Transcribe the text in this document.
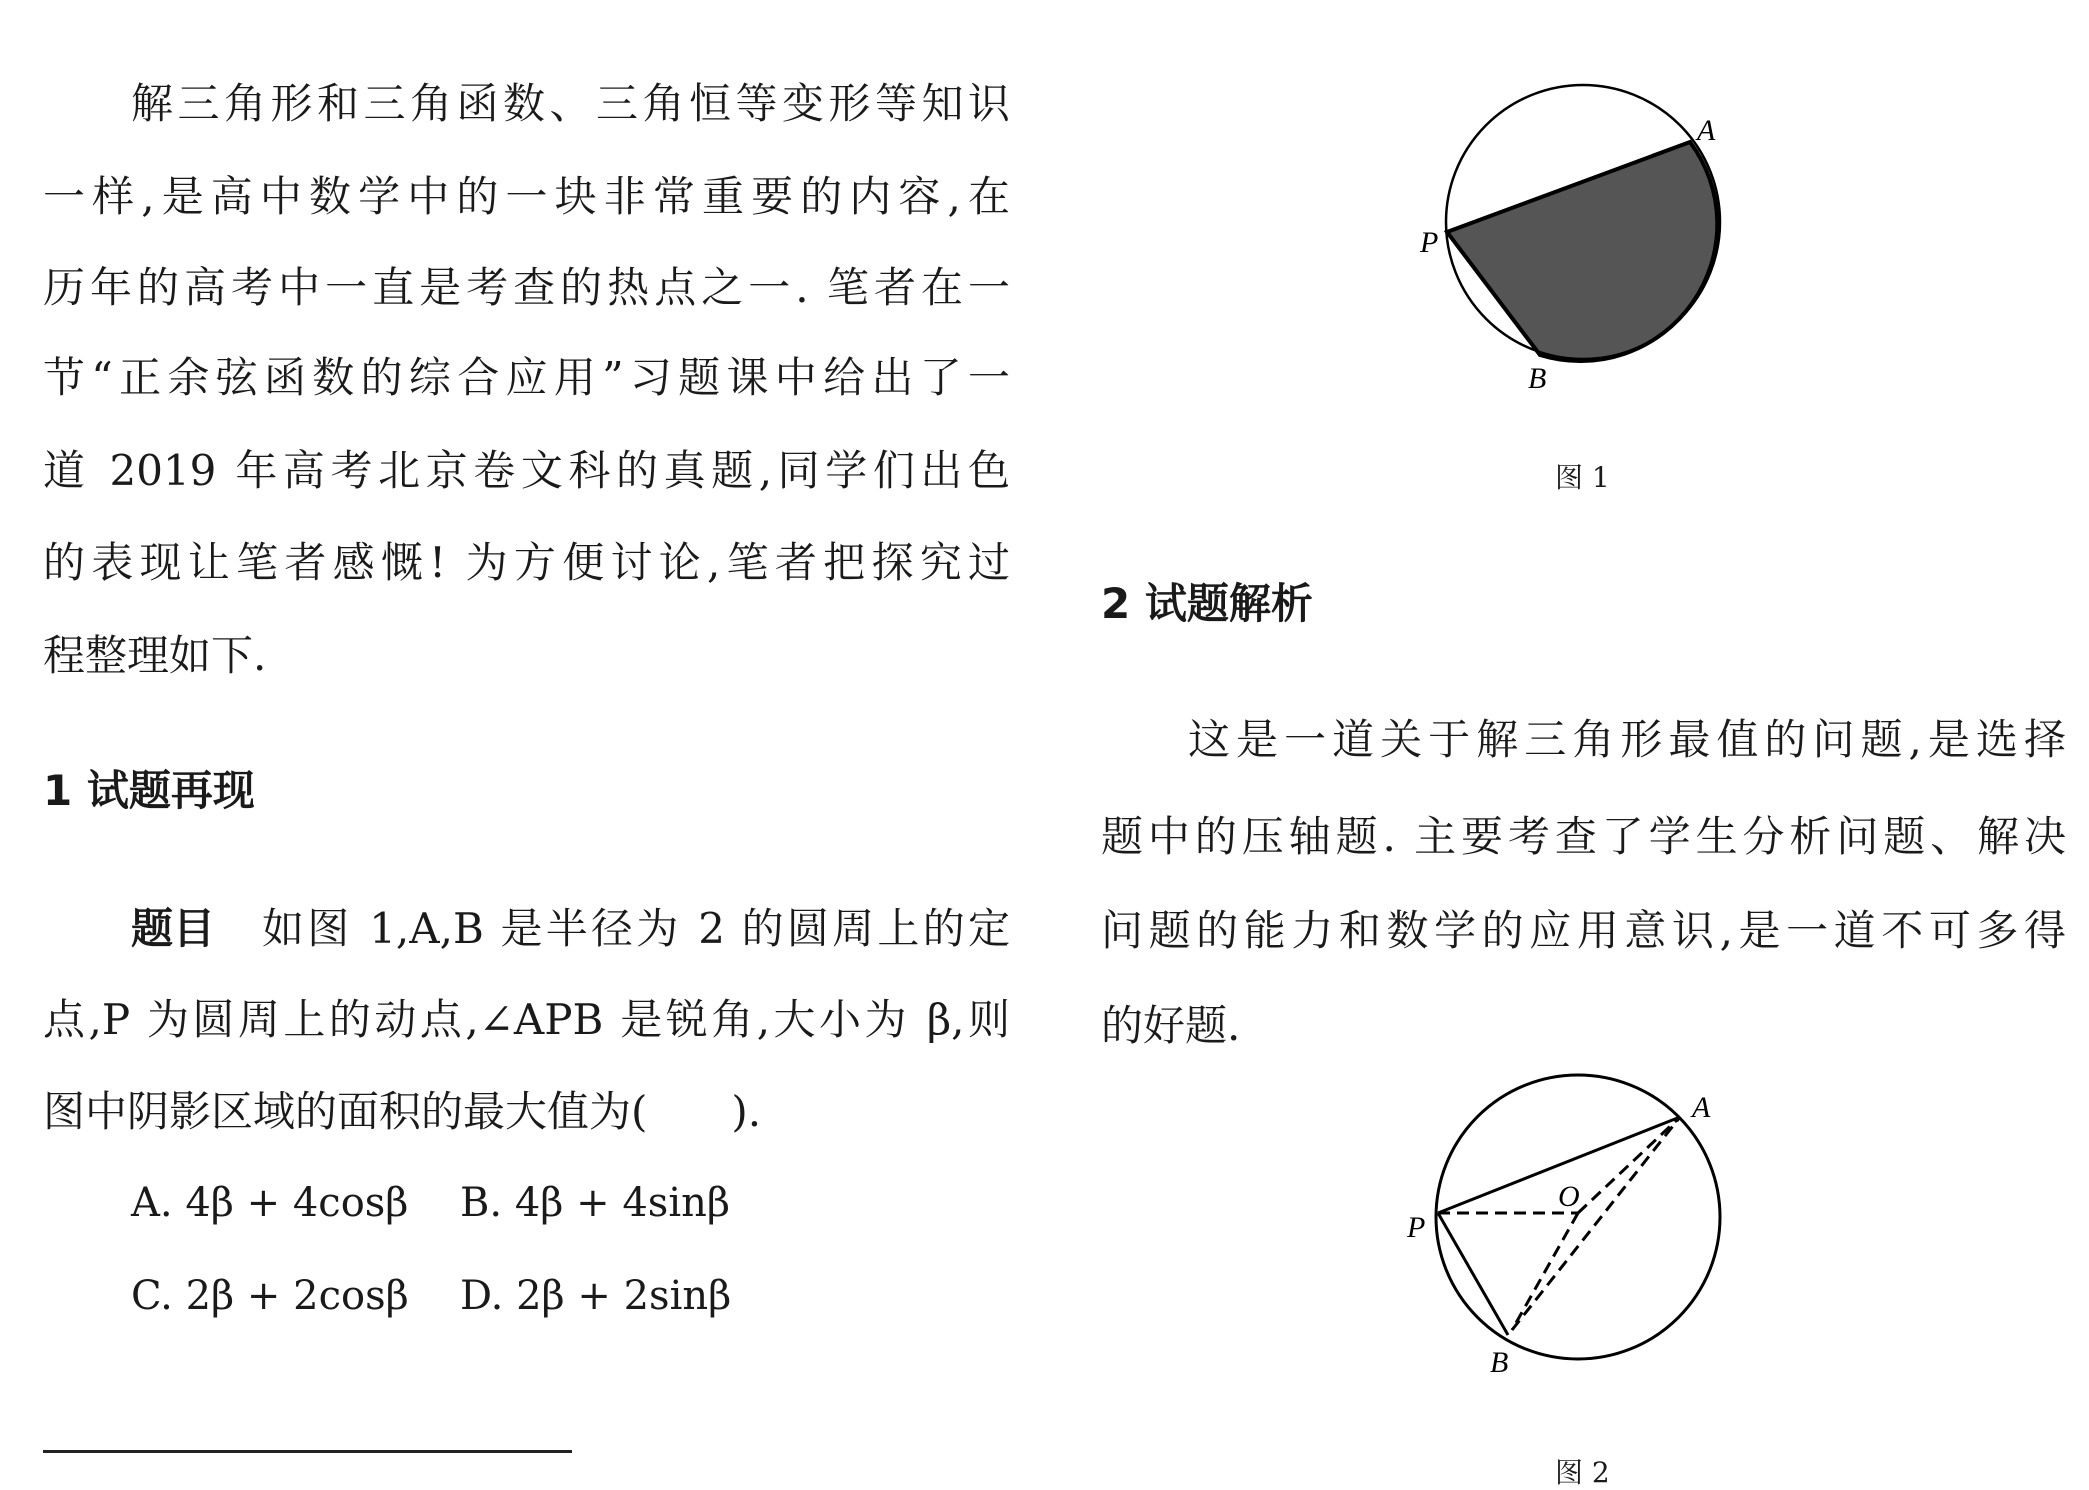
解三角形和三角函数、三角恒等变形等知识
一样,是高中数学中的一块非常重要的内容,在
历年的高考中一直是考查的热点之一. 笔者在一
节“正余弦函数的综合应用”习题课中给出了一
道 2019 年高考北京卷文科的真题,同学们出色
的表现让笔者感慨! 为方便讨论,笔者把探究过
程整理如下.
1 试题再现
题目 如图 1,A,B 是半径为 2 的圆周上的定
点,P 为圆周上的动点,∠APB 是锐角,大小为 β,则
图中阴影区域的面积的最大值为(　　).
A. 4β + 4cosβ B. 4β + 4sinβ
C. 2β + 2cosβ D. 2β + 2sinβ
A
P
B
A
O
P
B
图 1
2 试题解析
这是一道关于解三角形最值的问题,是选择
题中的压轴题. 主要考查了学生分析问题、解决
问题的能力和数学的应用意识,是一道不可多得
的好题.
图 2
